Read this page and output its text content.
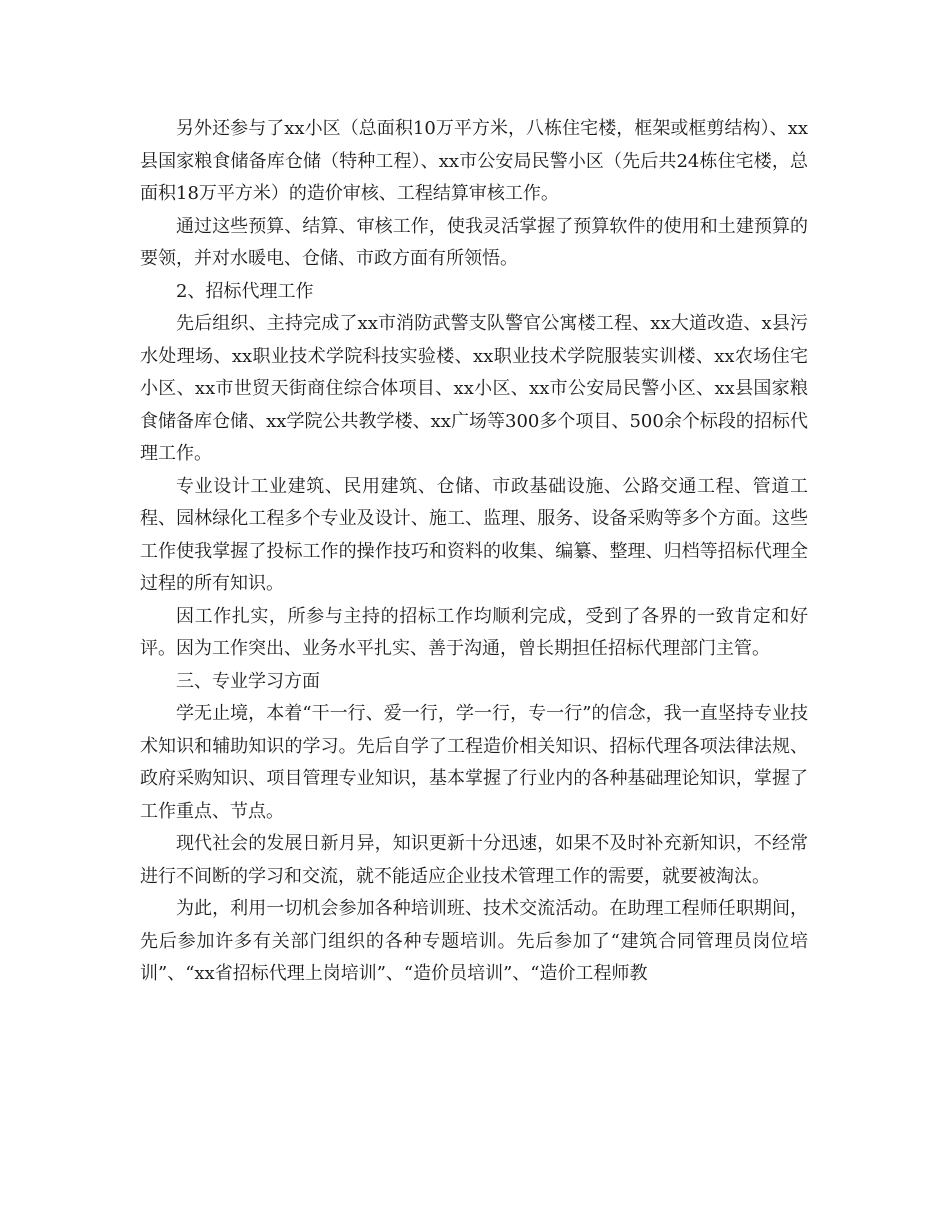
另外还参与了xx小区（总面积10万平方米，八栋住宅楼，框架或框剪结构）、xx县国家粮食储备库仓储（特种工程）、xx市公安局民警小区（先后共24栋住宅楼，总面积18万平方米）的造价审核、工程结算审核工作。

通过这些预算、结算、审核工作，使我灵活掌握了预算软件的使用和土建预算的要领，并对水暖电、仓储、市政方面有所领悟。

2、招标代理工作

先后组织、主持完成了xx市消防武警支队警官公寓楼工程、xx大道改造、x县污水处理场、xx职业技术学院科技实验楼、xx职业技术学院服装实训楼、xx农场住宅小区、xx市世贸天街商住综合体项目、xx小区、xx市公安局民警小区、xx县国家粮食储备库仓储、xx学院公共教学楼、xx广场等300多个项目、500余个标段的招标代理工作。

专业设计工业建筑、民用建筑、仓储、市政基础设施、公路交通工程、管道工程、园林绿化工程多个专业及设计、施工、监理、服务、设备采购等多个方面。这些工作使我掌握了投标工作的操作技巧和资料的收集、编纂、整理、归档等招标代理全过程的所有知识。

因工作扎实，所参与主持的招标工作均顺利完成，受到了各界的一致肯定和好评。因为工作突出、业务水平扎实、善于沟通，曾长期担任招标代理部门主管。

三、专业学习方面

学无止境，本着“干一行、爱一行，学一行，专一行”的信念，我一直坚持专业技术知识和辅助知识的学习。先后自学了工程造价相关知识、招标代理各项法律法规、政府采购知识、项目管理专业知识，基本掌握了行业内的各种基础理论知识，掌握了工作重点、节点。

现代社会的发展日新月异，知识更新十分迅速，如果不及时补充新知识，不经常进行不间断的学习和交流，就不能适应企业技术管理工作的需要，就要被淘汰。

为此，利用一切机会参加各种培训班、技术交流活动。在助理工程师任职期间，先后参加许多有关部门组织的各种专题培训。先后参加了“建筑合同管理员岗位培训”、“xx省招标代理上岗培训”、“造价员培训”、“造价工程师教
